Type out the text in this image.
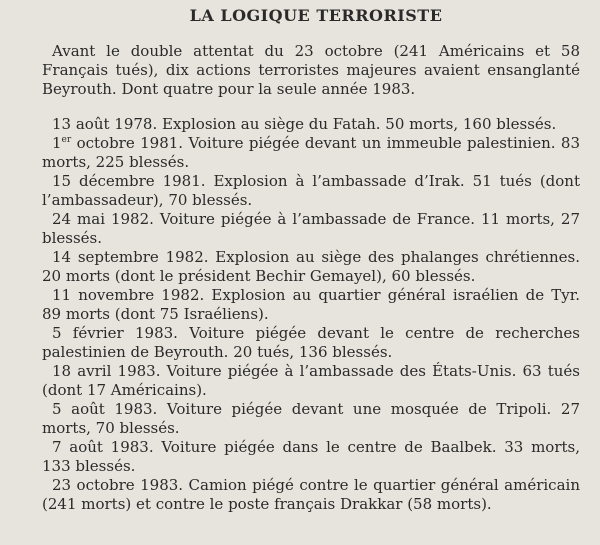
LA LOGIQUE TERRORISTE

Avant le double attentat du 23 octobre (241 Américains et 58 Français tués), dix actions terroristes majeures avaient ensanglanté Beyrouth. Dont quatre pour la seule année 1983.

13 août 1978. Explosion au siège du Fatah. 50 morts, 160 blessés.
1er octobre 1981. Voiture piégée devant un immeuble palestinien. 83 morts, 225 blessés.
15 décembre 1981. Explosion à l’ambassade d’Irak. 51 tués (dont l’ambassadeur), 70 blessés.
24 mai 1982. Voiture piégée à l’ambassade de France. 11 morts, 27 blessés.
14 septembre 1982. Explosion au siège des phalanges chrétiennes. 20 morts (dont le président Bechir Gemayel), 60 blessés.
11 novembre 1982. Explosion au quartier général israélien de Tyr. 89 morts (dont 75 Israéliens).
5 février 1983. Voiture piégée devant le centre de recherches palestinien de Beyrouth. 20 tués, 136 blessés.
18 avril 1983. Voiture piégée à l’ambassade des États-Unis. 63 tués (dont 17 Américains).
5 août 1983. Voiture piégée devant une mosquée de Tripoli. 27 morts, 70 blessés.
7 août 1983. Voiture piégée dans le centre de Baalbek. 33 morts, 133 blessés.
23 octobre 1983. Camion piégé contre le quartier général américain (241 morts) et contre le poste français Drakkar (58 morts).
